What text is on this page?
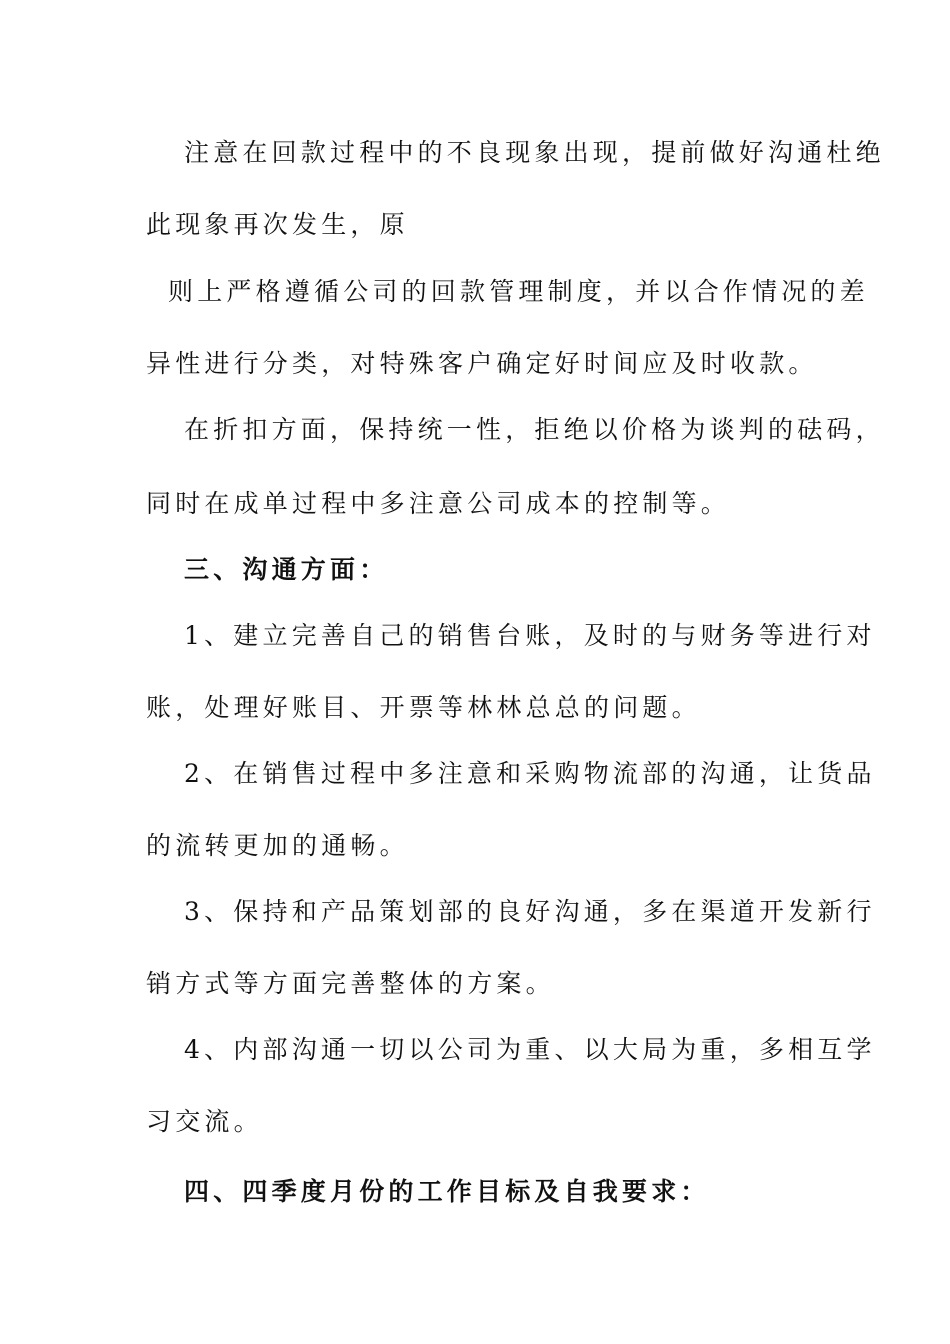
注意在回款过程中的不良现象出现，提前做好沟通杜绝
此现象再次发生，原
则上严格遵循公司的回款管理制度，并以合作情况的差
异性进行分类，对特殊客户确定好时间应及时收款。
在折扣方面，保持统一性，拒绝以价格为谈判的砝码，
同时在成单过程中多注意公司成本的控制等。
三、沟通方面：
1、建立完善自己的销售台账，及时的与财务等进行对
账，处理好账目、开票等林林总总的问题。
2、在销售过程中多注意和采购物流部的沟通，让货品
的流转更加的通畅。
3、保持和产品策划部的良好沟通，多在渠道开发新行
销方式等方面完善整体的方案。
4、内部沟通一切以公司为重、以大局为重，多相互学
习交流。
四、四季度月份的工作目标及自我要求：
